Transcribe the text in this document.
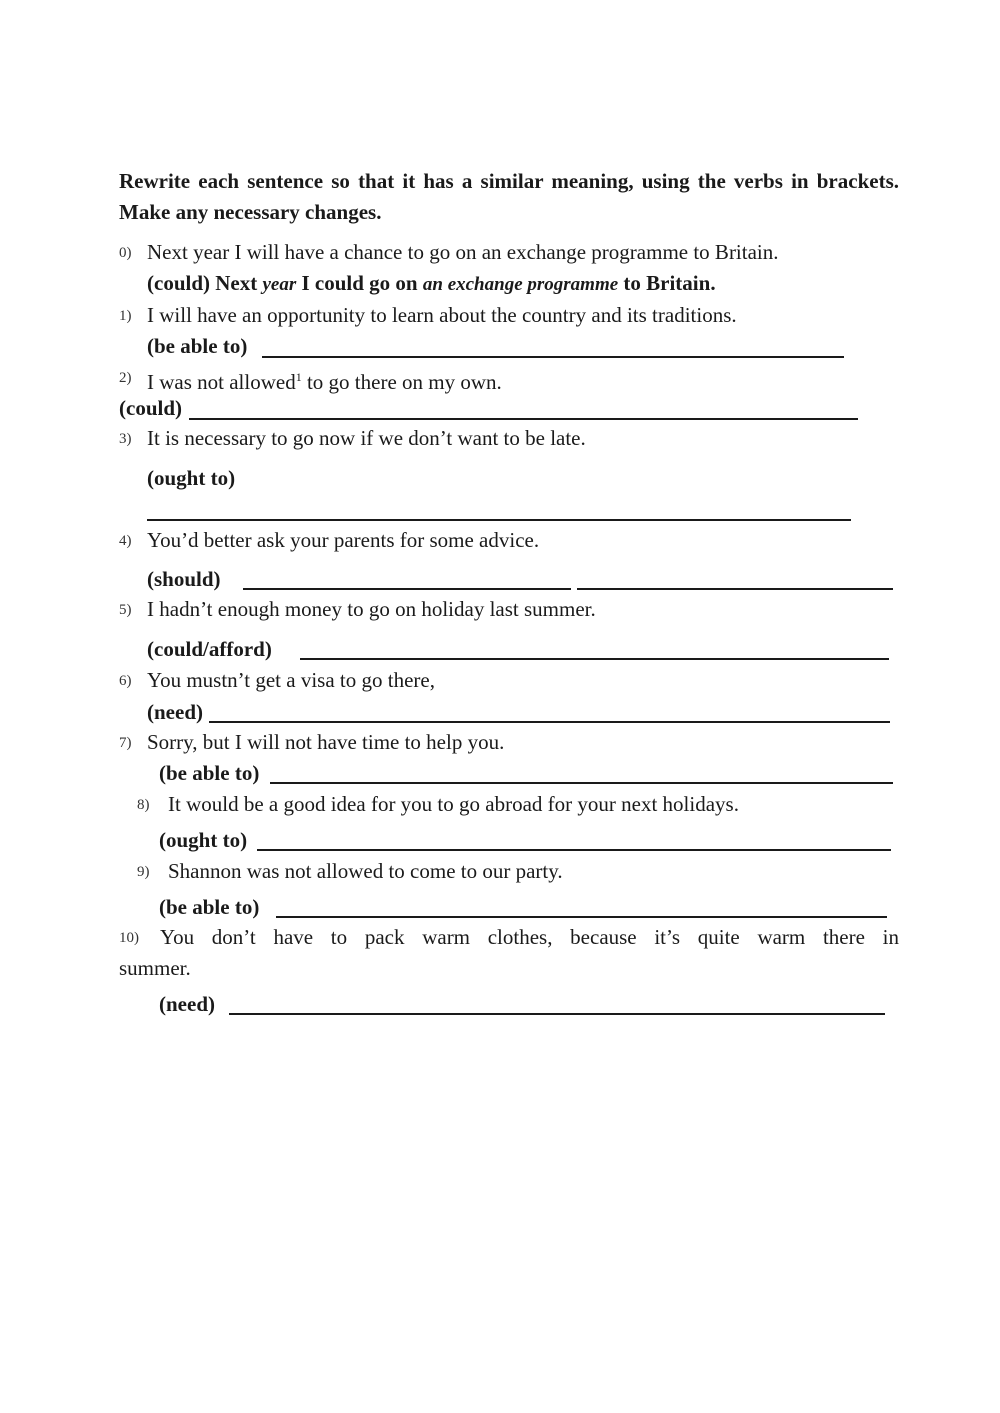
Rewrite each sentence so that it has a similar meaning, using the verbs in brackets. Make any necessary changes.
0) Next year I will have a chance to go on an exchange programme to Britain.
(could) Next year I could go on an exchange programme to Britain.
1) I will have an opportunity to learn about the country and its traditions.
(be able to)
2) I was not allowed$^1$ to go there on my own.
(could)
3) It is necessary to go now if we don’t want to be late.
(ought to)
4) You’d better ask your parents for some advice.
(should)
5) I hadn’t enough money to go on holiday last summer.
(could/afford)
6) You mustn’t get a visa to go there,
(need)
7) Sorry, but I will not have time to help you.
(be able to)
8) It would be a good idea for you to go abroad for your next holidays.
(ought to)
9) Shannon was not allowed to come to our party.
(be able to)
10) You don’t have to pack warm clothes, because it’s quite warm there in
summer.
(need)
